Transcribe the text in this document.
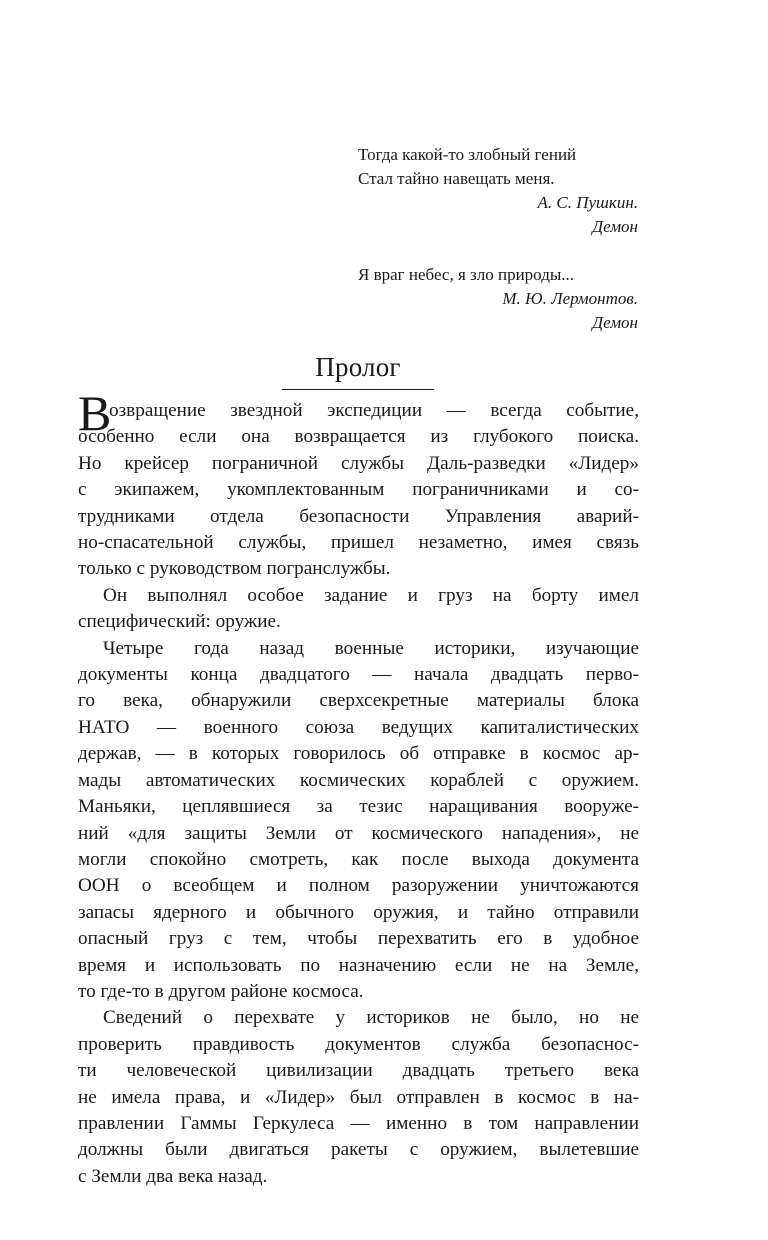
Тогда какой-то злобный гений
Стал тайно навещать меня.
А. С. Пушкин.
Демон
Я враг небес, я зло природы...
М. Ю. Лермонтов.
Демон
Пролог
В
озвращение звездной экспедиции — всегда событие,
особенно если она возвращается из глубокого поиска.
Но крейсер пограничной службы Даль-разведки «Лидер»
с экипажем, укомплектованным пограничниками и со-
трудниками отдела безопасности Управления аварий-
но-спасательной службы, пришел незаметно, имея связь
только с руководством погранслужбы.
Он выполнял особое задание и груз на борту имел
специфический: оружие.
Четыре года назад военные историки, изучающие
документы конца двадцатого — начала двадцать перво-
го века, обнаружили сверхсекретные материалы блока
НАТО — военного союза ведущих капиталистических
держав, — в которых говорилось об отправке в космос ар-
мады автоматических космических кораблей с оружием.
Маньяки, цеплявшиеся за тезис наращивания вооруже-
ний «для защиты Земли от космического нападения», не
могли спокойно смотреть, как после выхода документа
ООН о всеобщем и полном разоружении уничтожаются
запасы ядерного и обычного оружия, и тайно отправили
опасный груз с тем, чтобы перехватить его в удобное
время и использовать по назначению если не на Земле,
то где-то в другом районе космоса.
Сведений о перехвате у историков не было, но не
проверить правдивость документов служба безопаснос-
ти человеческой цивилизации двадцать третьего века
не имела права, и «Лидер» был отправлен в космос в на-
правлении Гаммы Геркулеса — именно в том направлении
должны были двигаться ракеты с оружием, вылетевшие
с Земли два века назад.
